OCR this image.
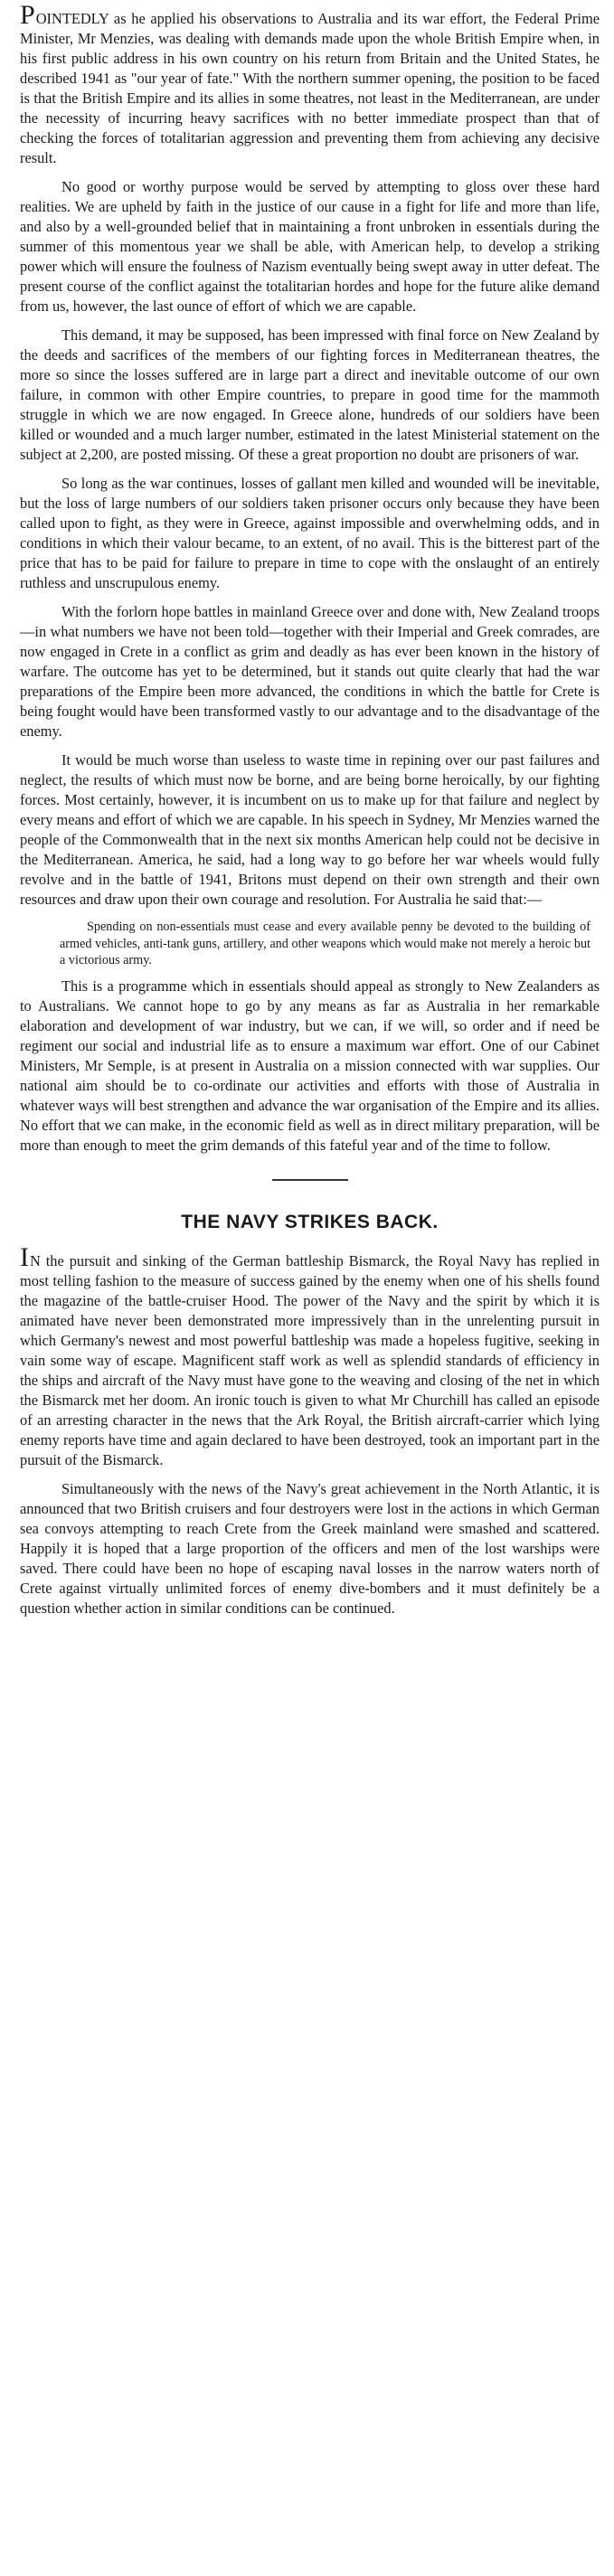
POINTEDLY as he applied his observations to Australia and its war effort, the Federal Prime Minister, Mr Menzies, was dealing with demands made upon the whole British Empire when, in his first public address in his own country on his return from Britain and the United States, he described 1941 as "our year of fate." With the northern summer opening, the position to be faced is that the British Empire and its allies in some theatres, not least in the Mediterranean, are under the necessity of incurring heavy sacrifices with no better immediate prospect than that of checking the forces of totalitarian aggression and preventing them from achieving any decisive result.

No good or worthy purpose would be served by attempting to gloss over these hard realities. We are upheld by faith in the justice of our cause in a fight for life and more than life, and also by a well-grounded belief that in maintaining a front unbroken in essentials during the summer of this momentous year we shall be able, with American help, to develop a striking power which will ensure the foulness of Nazism eventually being swept away in utter defeat. The present course of the conflict against the totalitarian hordes and hope for the future alike demand from us, however, the last ounce of effort of which we are capable.

This demand, it may be supposed, has been impressed with final force on New Zealand by the deeds and sacrifices of the members of our fighting forces in Mediterranean theatres, the more so since the losses suffered are in large part a direct and inevitable outcome of our own failure, in common with other Empire countries, to prepare in good time for the mammoth struggle in which we are now engaged. In Greece alone, hundreds of our soldiers have been killed or wounded and a much larger number, estimated in the latest Ministerial statement on the subject at 2,200, are posted missing. Of these a great proportion no doubt are prisoners of war.

So long as the war continues, losses of gallant men killed and wounded will be inevitable, but the loss of large numbers of our soldiers taken prisoner occurs only because they have been called upon to fight, as they were in Greece, against impossible and overwhelming odds, and in conditions in which their valour became, to an extent, of no avail. This is the bitterest part of the price that has to be paid for failure to prepare in time to cope with the onslaught of an entirely ruthless and unscrupulous enemy.

With the forlorn hope battles in mainland Greece over and done with, New Zealand troops—in what numbers we have not been told—together with their Imperial and Greek comrades, are now engaged in Crete in a conflict as grim and deadly as has ever been known in the history of warfare. The outcome has yet to be determined, but it stands out quite clearly that had the war preparations of the Empire been more advanced, the conditions in which the battle for Crete is being fought would have been transformed vastly to our advantage and to the disadvantage of the enemy.

It would be much worse than useless to waste time in repining over our past failures and neglect, the results of which must now be borne, and are being borne heroically, by our fighting forces. Most certainly, however, it is incumbent on us to make up for that failure and neglect by every means and effort of which we are capable. In his speech in Sydney, Mr Menzies warned the people of the Commonwealth that in the next six months American help could not be decisive in the Mediterranean. America, he said, had a long way to go before her war wheels would fully revolve and in the battle of 1941, Britons must depend on their own strength and their own resources and draw upon their own courage and resolution. For Australia he said that:—

Spending on non-essentials must cease and every available penny be devoted to the building of armed vehicles, anti-tank guns, artillery, and other weapons which would make not merely a heroic but a victorious army.

This is a programme which in essentials should appeal as strongly to New Zealanders as to Australians. We cannot hope to go by any means as far as Australia in her remarkable elaboration and development of war industry, but we can, if we will, so order and if need be regiment our social and industrial life as to ensure a maximum war effort. One of our Cabinet Ministers, Mr Semple, is at present in Australia on a mission connected with war supplies. Our national aim should be to co-ordinate our activities and efforts with those of Australia in whatever ways will best strengthen and advance the war organisation of the Empire and its allies. No effort that we can make, in the economic field as well as in direct military preparation, will be more than enough to meet the grim demands of this fateful year and of the time to follow.

THE NAVY STRIKES BACK.

IN the pursuit and sinking of the German battleship Bismarck, the Royal Navy has replied in most telling fashion to the measure of success gained by the enemy when one of his shells found the magazine of the battle-cruiser Hood. The power of the Navy and the spirit by which it is animated have never been demonstrated more impressively than in the unrelenting pursuit in which Germany's newest and most powerful battleship was made a hopeless fugitive, seeking in vain some way of escape. Magnificent staff work as well as splendid standards of efficiency in the ships and aircraft of the Navy must have gone to the weaving and closing of the net in which the Bismarck met her doom. An ironic touch is given to what Mr Churchill has called an episode of an arresting character in the news that the Ark Royal, the British aircraft-carrier which lying enemy reports have time and again declared to have been destroyed, took an important part in the pursuit of the Bismarck.

Simultaneously with the news of the Navy's great achievement in the North Atlantic, it is announced that two British cruisers and four destroyers were lost in the actions in which German sea convoys attempting to reach Crete from the Greek mainland were smashed and scattered. Happily it is hoped that a large proportion of the officers and men of the lost warships were saved. There could have been no hope of escaping naval losses in the narrow waters north of Crete against virtually unlimited forces of enemy dive-bombers and it must definitely be a question whether action in similar conditions can be continued.
